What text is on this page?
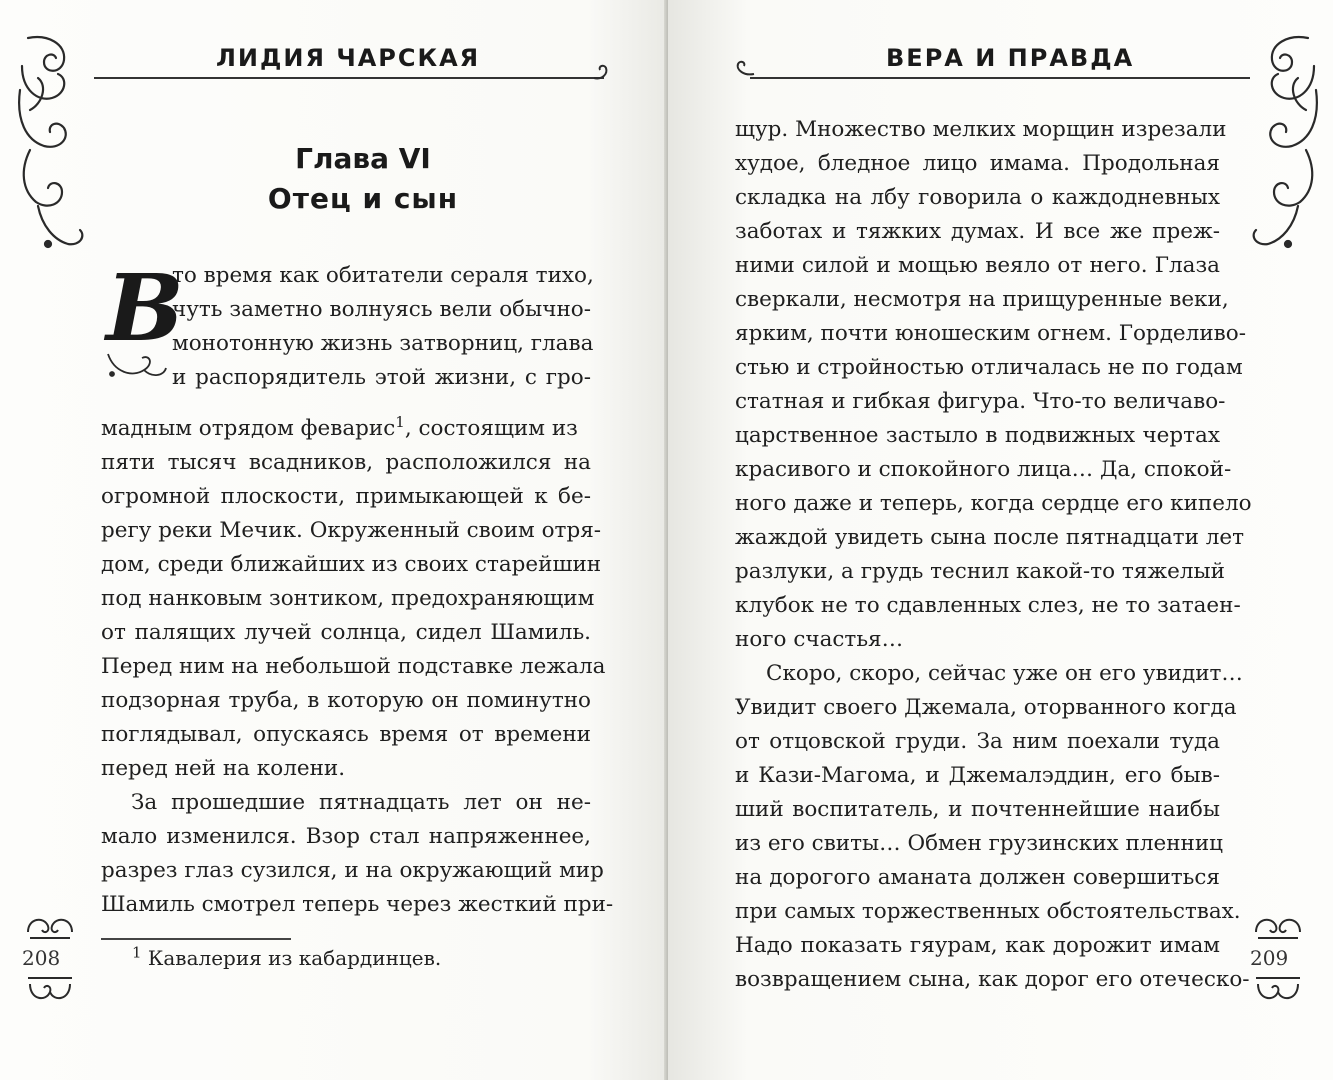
ЛИДИЯ ЧАРСКАЯ
Глава VI
Отец и сын
В
то время как обитатели сераля тихо,
чуть заметно волнуясь вели обычно-
монотонную жизнь затворниц, глава
и распорядитель этой жизни, с гро-
мадным отрядом феварис$^1$, состоящим из
пяти тысяч всадников, расположился на
огромной плоскости, примыкающей к бе-
регу реки Мечик. Окруженный своим отря-
дом, среди ближайших из своих старейшин
под нанковым зонтиком, предохраняющим
от палящих лучей солнца, сидел Шамиль.
Перед ним на небольшой подставке лежала
подзорная труба, в которую он поминутно
поглядывал, опускаясь время от времени
перед ней на колени.
За прошедшие пятнадцать лет он не-
мало изменился. Взор стал напряженнее,
разрез глаз сузился, и на окружающий мир
Шамиль смотрел теперь через жесткий при-
$^1$ Кавалерия из кабардинцев.
208
ВЕРА И ПРАВДА
щур. Множество мелких морщин изрезали
худое, бледное лицо имама. Продольная
складка на лбу говорила о каждодневных
заботах и тяжких думах. И все же преж-
ними силой и мощью веяло от него. Глаза
сверкали, несмотря на прищуренные веки,
ярким, почти юношеским огнем. Горделиво-
стью и стройностью отличалась не по годам
статная и гибкая фигура. Что-то величаво-
царственное застыло в подвижных чертах
красивого и спокойного лица… Да, спокой-
ного даже и теперь, когда сердце его кипело
жаждой увидеть сына после пятнадцати лет
разлуки, а грудь теснил какой-то тяжелый
клубок не то сдавленных слез, не то затаен-
ного счастья…
Скоро, скоро, сейчас уже он его увидит…
Увидит своего Джемала, оторванного когда
от отцовской груди. За ним поехали туда
и Кази-Магома, и Джемалэддин, его быв-
ший воспитатель, и почтеннейшие наибы
из его свиты… Обмен грузинских пленниц
на дорогого аманата должен совершиться
при самых торжественных обстоятельствах.
Надо показать гяурам, как дорожит имам
возвращением сына, как дорог его отеческо-
209
